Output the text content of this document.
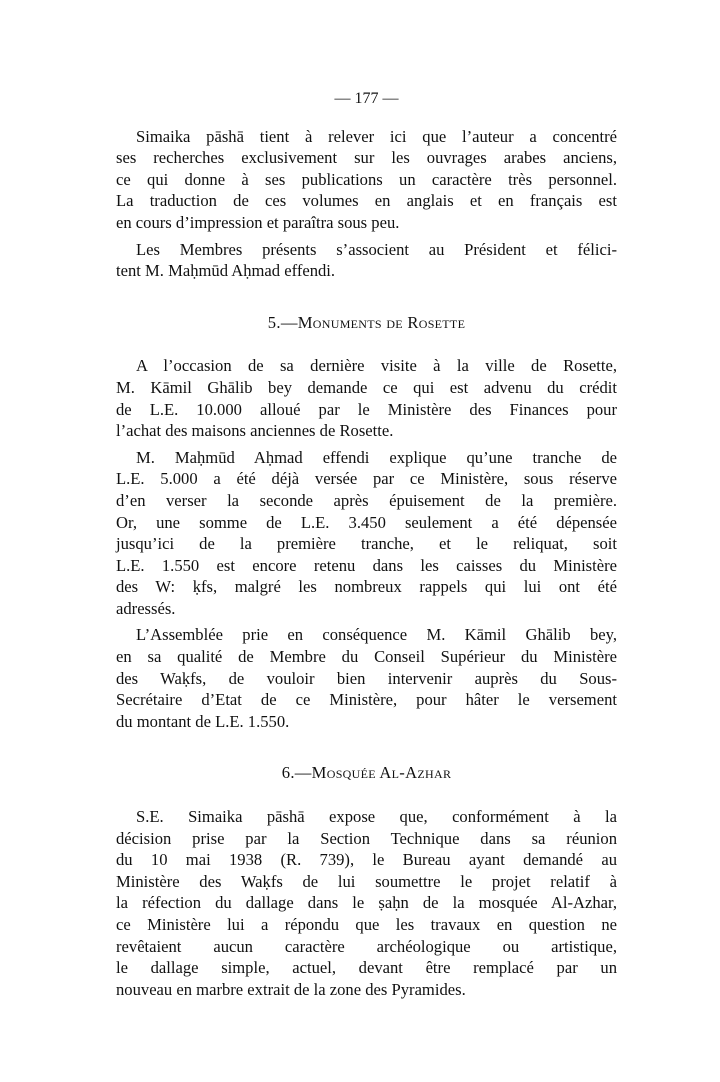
— 177 —
Simaika pāshā tient à relever ici que l’auteur a concentré
ses recherches exclusivement sur les ouvrages arabes anciens,
ce qui donne à ses publications un caractère très personnel.
La traduction de ces volumes en anglais et en français est
en cours d’impression et paraîtra sous peu.
Les Membres présents s’associent au Président et félici-
tent M. Maḥmūd Aḥmad effendi.
5.—Monuments de Rosette
A l’occasion de sa dernière visite à la ville de Rosette,
M. Kāmil Ghālib bey demande ce qui est advenu du crédit
de L.E. 10.000 alloué par le Ministère des Finances pour
l’achat des maisons anciennes de Rosette.
M. Maḥmūd Aḥmad effendi explique qu’une tranche de
L.E. 5.000 a été déjà versée par ce Ministère, sous réserve
d’en verser la seconde après épuisement de la première.
Or, une somme de L.E. 3.450 seulement a été dépensée
jusqu’ici de la première tranche, et le reliquat, soit
L.E. 1.550 est encore retenu dans les caisses du Ministère
des W: ḳfs, malgré les nombreux rappels qui lui ont été
adressés.
L’Assemblée prie en conséquence M. Kāmil Ghālib bey,
en sa qualité de Membre du Conseil Supérieur du Ministère
des Waḳfs, de vouloir bien intervenir auprès du Sous-
Secrétaire d’Etat de ce Ministère, pour hâter le versement
du montant de L.E. 1.550.
6.—Mosquée Al-Azhar
S.E. Simaika pāshā expose que, conformément à la
décision prise par la Section Technique dans sa réunion
du 10 mai 1938 (R. 739), le Bureau ayant demandé au
Ministère des Waḳfs de lui soumettre le projet relatif à
la réfection du dallage dans le ṣaḥn de la mosquée Al-Azhar,
ce Ministère lui a répondu que les travaux en question ne
revêtaient aucun caractère archéologique ou artistique,
le dallage simple, actuel, devant être remplacé par un
nouveau en marbre extrait de la zone des Pyramides.
